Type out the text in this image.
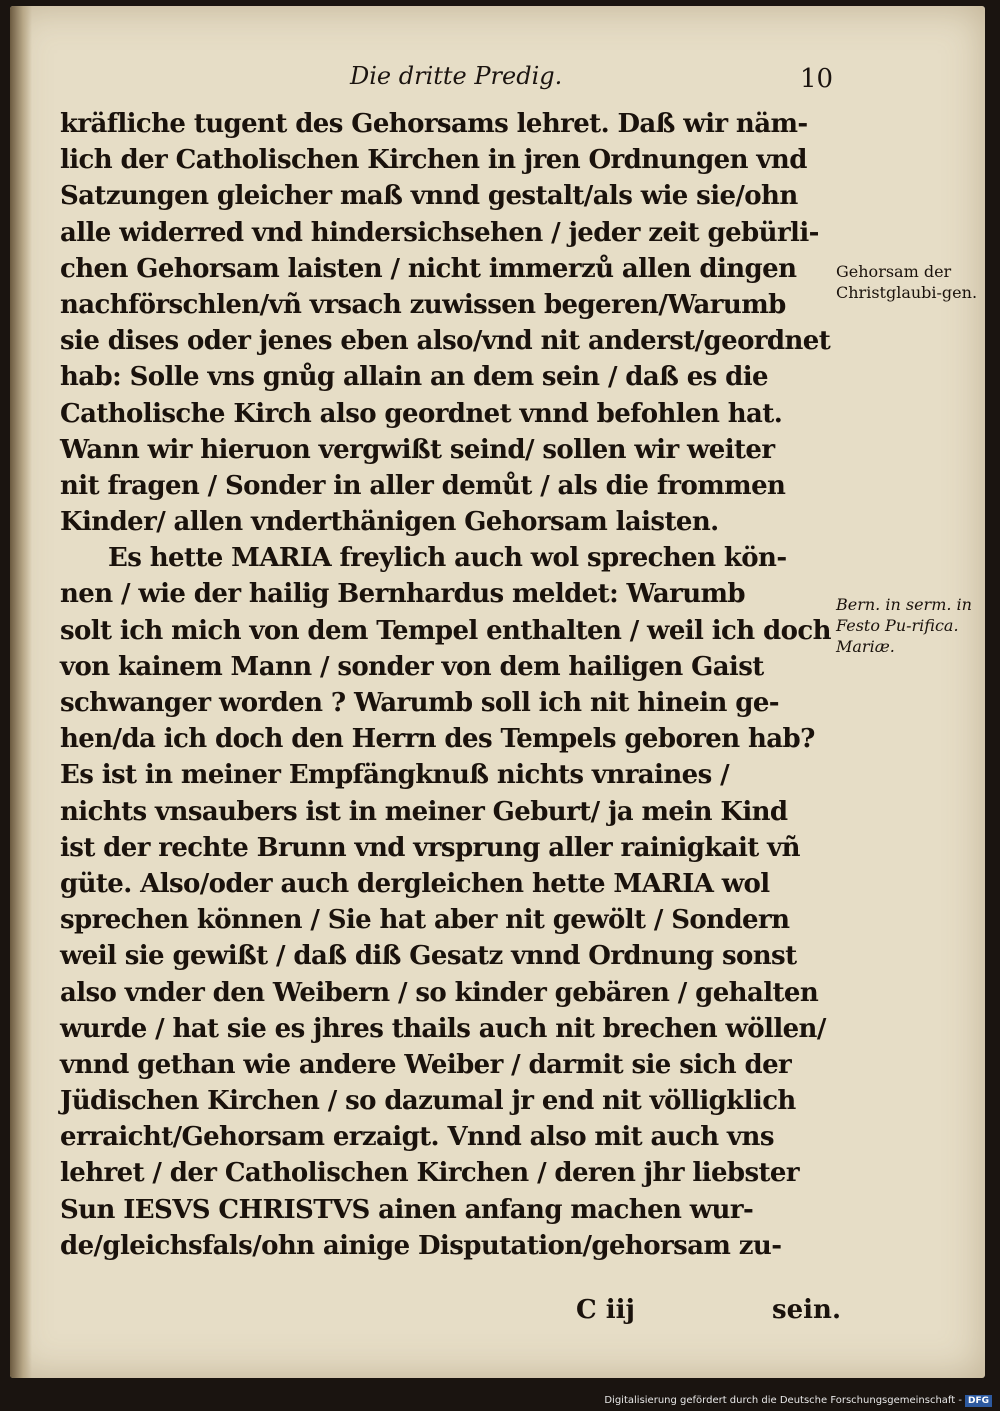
Die dritte Predig.	10
kräfliche tugent des Gehorsams lehret. Daß wir näm-
lich der Catholischen Kirchen in jren Ordnungen vnd
Satzungen gleicher maß vnnd gestalt/als wie sie/ohn
alle widerred vnd hindersichsehen / jeder zeit gebürli-
chen Gehorsam laisten / nicht immerzů allen dingen
nachförschlen/vñ vrsach zuwissen begeren/Warumb
sie dises oder jenes eben also/vnd nit anderst/geordnet
hab: Solle vns gnůg allain an dem sein / daß es die
Catholische Kirch also geordnet vnnd befohlen hat.
Wann wir hieruon vergwißt seind/ sollen wir weiter
nit fragen / Sonder in aller demůt / als die frommen
Kinder/ allen vnderthänigen Gehorsam laisten.
Es hette MARIA freylich auch wol sprechen kön-
nen / wie der hailig Bernhardus meldet: Warumb
solt ich mich von dem Tempel enthalten / weil ich doch
von kainem Mann / sonder von dem hailigen Gaist
schwanger worden ? Warumb soll ich nit hinein ge-
hen/da ich doch den Herrn des Tempels geboren hab?
Es ist in meiner Empfängknuß nichts vnraines /
nichts vnsaubers ist in meiner Geburt/ ja mein Kind
ist der rechte Brunn vnd vrsprung aller rainigkait vñ
güte. Also/oder auch dergleichen hette MARIA wol
sprechen können / Sie hat aber nit gewölt / Sondern
weil sie gewißt / daß diß Gesatz vnnd Ordnung sonst
also vnder den Weibern / so kinder gebären / gehalten
wurde / hat sie es jhres thails auch nit brechen wöllen/
vnnd gethan wie andere Weiber / darmit sie sich der
Jüdischen Kirchen / so dazumal jr end nit völligklich
erraicht/Gehorsam erzaigt. Vnnd also mit auch vns
lehret / der Catholischen Kirchen / deren jhr liebster
Sun IESVS CHRISTVS ainen anfang machen wur-
de/gleichsfals/ohn ainige Disputation/gehorsam zu-
Gehorsam der Christglaubi-gen.
Bern. in serm. in Festo Pu-rifica. Mariæ.
C iij	sein.
Digitalisierung gefördert durch die Deutsche Forschungsgemeinschaft - DFG
